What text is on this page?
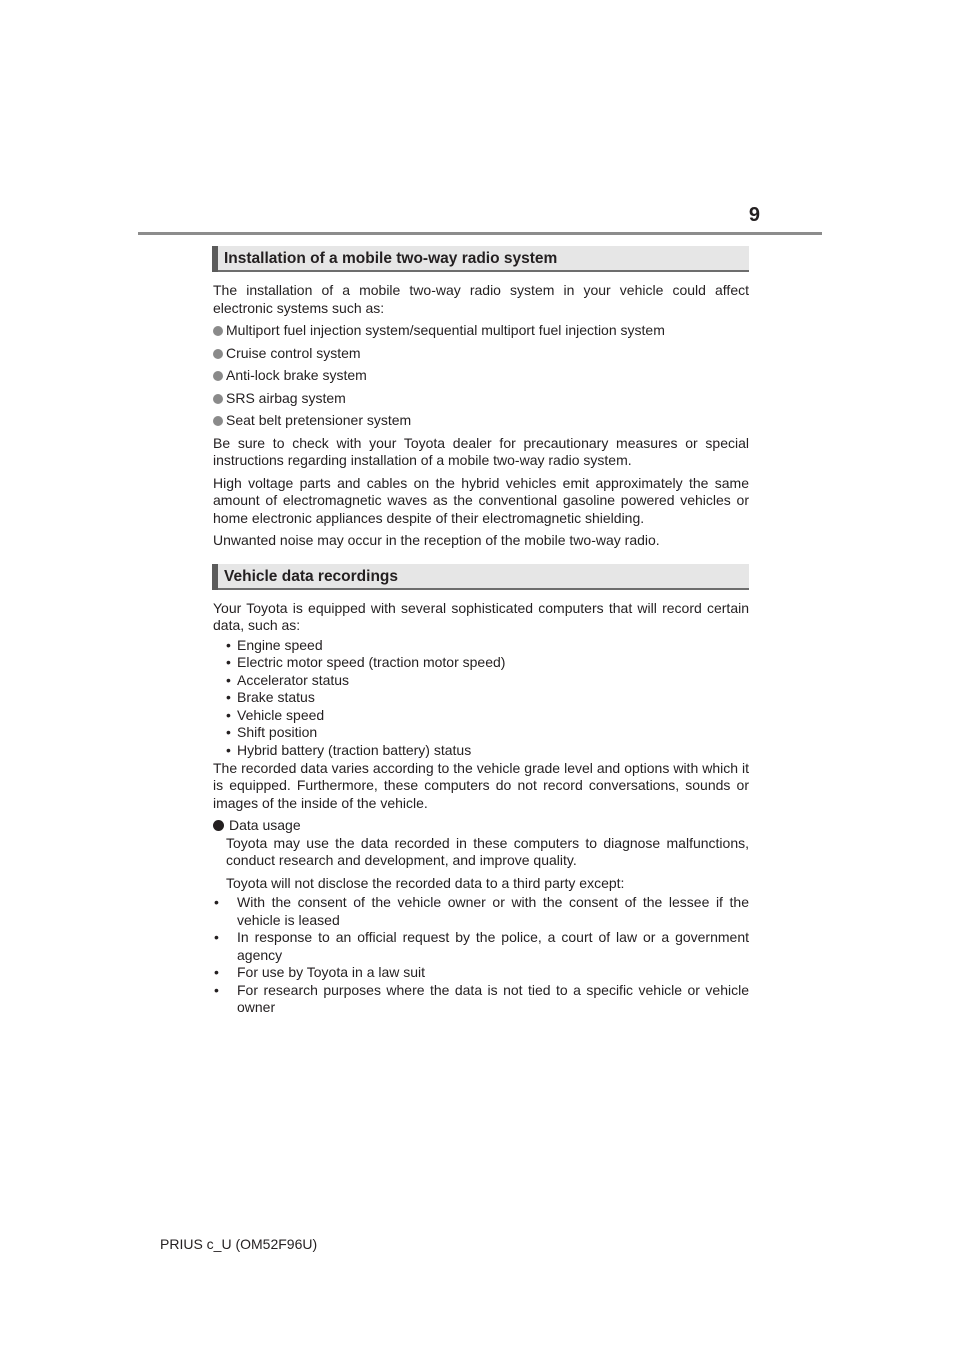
9
Installation of a mobile two-way radio system

The installation of a mobile two-way radio system in your vehicle could affect electronic systems such as:

Multiport fuel injection system/sequential multiport fuel injection system
Cruise control system
Anti-lock brake system
SRS airbag system
Seat belt pretensioner system

Be sure to check with your Toyota dealer for precautionary measures or special instructions regarding installation of a mobile two-way radio system.

High voltage parts and cables on the hybrid vehicles emit approximately the same amount of electromagnetic waves as the conventional gasoline powered vehicles or home electronic appliances despite of their electromagnetic shielding.

Unwanted noise may occur in the reception of the mobile two-way radio.

Vehicle data recordings

Your Toyota is equipped with several sophisticated computers that will record certain data, such as:

• Engine speed
• Electric motor speed (traction motor speed)
• Accelerator status
• Brake status
• Vehicle speed
• Shift position
• Hybrid battery (traction battery) status

The recorded data varies according to the vehicle grade level and options with which it is equipped. Furthermore, these computers do not record conversations, sounds or images of the inside of the vehicle.

Data usage

Toyota may use the data recorded in these computers to diagnose malfunctions, conduct research and development, and improve quality.

Toyota will not disclose the recorded data to a third party except:

• With the consent of the vehicle owner or with the consent of the lessee if the vehicle is leased
• In response to an official request by the police, a court of law or a government agency
• For use by Toyota in a law suit
• For research purposes where the data is not tied to a specific vehicle or vehicle owner
PRIUS c_U (OM52F96U)
